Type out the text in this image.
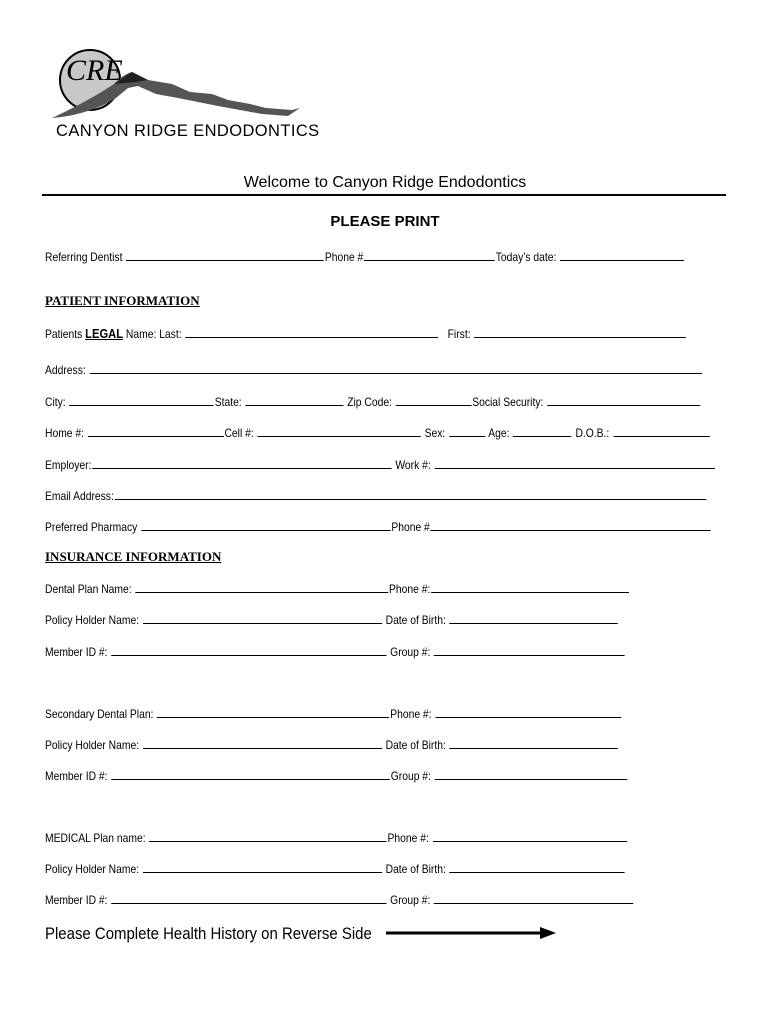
CRE
CANYON RIDGE ENDODONTICS
Welcome to Canyon Ridge Endodontics
PLEASE PRINT
Referring Dentist	Phone #	Today’s date:
PATIENT INFORMATION
Patients LEGAL Name: Last:	First:
Address:
City:	State:	Zip Code:	Social Security:
Home #:	Cell #:	Sex:	Age:	D.O.B.:
Employer:	Work #:
Email Address:
Preferred Pharmacy	Phone #
INSURANCE INFORMATION
Dental Plan Name:	Phone #:
Policy Holder Name:	Date of Birth:
Member ID #:	Group #:
Secondary Dental Plan:	Phone #:
Policy Holder Name:	Date of Birth:
Member ID #:	Group #:
MEDICAL Plan name:	Phone #:
Policy Holder Name:	Date of Birth:
Member ID #:	Group #:
Please Complete Health History on Reverse Side
